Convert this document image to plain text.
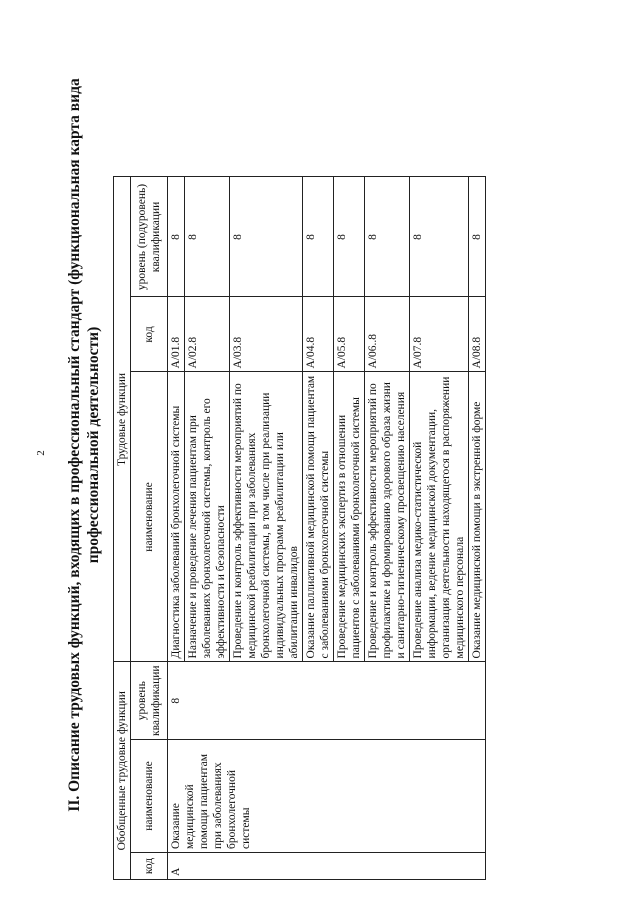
2 II. Описание трудовых функций, входящих в профессиональный стандарт (функциональная карта вида профессиональной деятельности)
Обобщенные трудовые функции			Трудовые функции		
код	наименование	уровень квалификации	наименование	код	уровень (подуровень) квалификации
А	Оказание медицинской помощи пациентам при заболеваниях бронхолегочной системы	8	Диагностика заболеваний бронхолегочной системы	A/01.8	8
			Назначение и проведение лечения пациентам при заболеваниях бронхолегочной системы, контроль его эффективности и безопасности	A/02.8	8
			Проведение и контроль эффективности мероприятий по медицинской реабилитации при заболеваниях бронхолегочной системы, в том числе при реализации индивидуальных программ реабилитации или абилитации инвалидов	A/03.8	8
			Оказание паллиативной медицинской помощи пациентам с заболеваниями бронхолегочной системы	A/04.8	8
			Проведение медицинских экспертиз в отношении пациентов с заболеваниями бронхолегочной системы	A/05.8	8
			Проведение и контроль эффективности мероприятий по профилактике и формированию здорового образа жизни и санитарно-гигиеническому просвещению населения	A/06..8	8
			Проведение анализа медико-статистической информации, ведение медицинской документации, организация деятельности находящегося в распоряжении медицинского персонала	A/07.8	8
			Оказание медицинской помощи в экстренной форме	A/08.8	8
